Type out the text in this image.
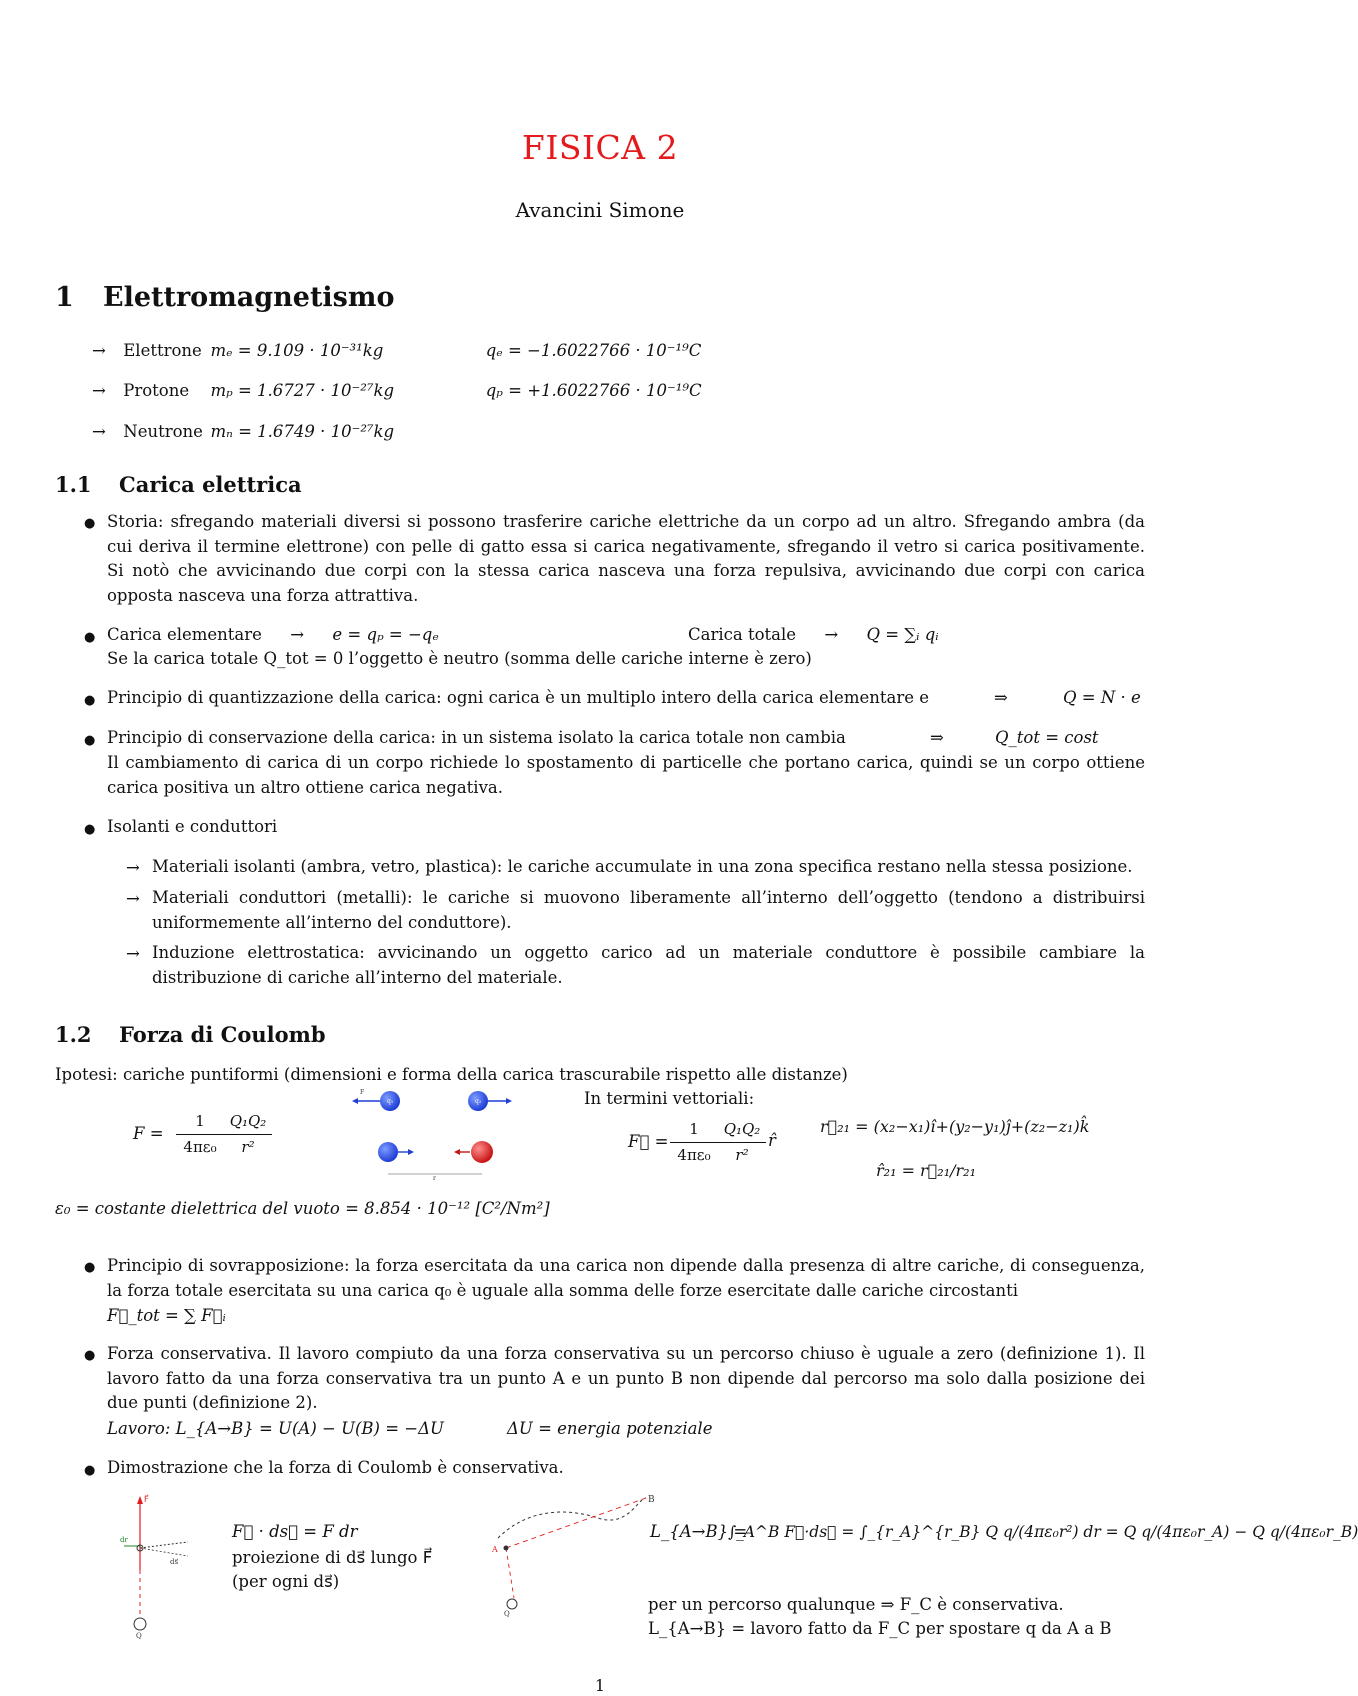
FISICA 2
Avancini Simone
1 Elettromagnetismo
→ Elettrone mₑ = 9.109 · 10⁻³¹kg	qₑ = −1.6022766 · 10⁻¹⁹C
→ Protone mₚ = 1.6727 · 10⁻²⁷kg	qₚ = +1.6022766 · 10⁻¹⁹C
→ Neutrone mₙ = 1.6749 · 10⁻²⁷kg
1.1 Carica elettrica
● Storia: sfregando materiali diversi si possono trasferire cariche elettriche da un corpo ad un altro. Sfregando ambra (da cui deriva il termine elettrone) con pelle di gatto essa si carica negativamente, sfregando il vetro si carica positivamente. Si notò che avvicinando due corpi con la stessa carica nasceva una forza repulsiva, avvicinando due corpi con carica opposta nasceva una forza attrattiva.
● Carica elementare → e = qₚ = −qₑ	Carica totale → Q = ∑ᵢ qᵢ
Se la carica totale Q_tot = 0 l’oggetto è neutro (somma delle cariche interne è zero)
● Principio di quantizzazione della carica: ogni carica è un multiplo intero della carica elementare e	⇒	Q = N · e
● Principio di conservazione della carica: in un sistema isolato la carica totale non cambia	⇒	Q_tot = cost
Il cambiamento di carica di un corpo richiede lo spostamento di particelle che portano carica, quindi se un corpo ottiene carica positiva un altro ottiene carica negativa.
● Isolanti e conduttori
→ Materiali isolanti (ambra, vetro, plastica): le cariche accumulate in una zona specifica restano nella stessa posizione.
→ Materiali conduttori (metalli): le cariche si muovono liberamente all’interno dell’oggetto (tendono a distribuirsi uniformemente all’interno del conduttore).
→ Induzione elettrostatica: avvicinando un oggetto carico ad un materiale conduttore è possibile cambiare la distribuzione di cariche all’interno del materiale.
1.2 Forza di Coulomb
Ipotesi: cariche puntiformi (dimensioni e forma della carica trascurabile rispetto alle distanze)
In termini vettoriali:
F =
1
4πε₀
Q₁Q₂
r²
F
q₁	q₂
r
F⃗ =
1
4πε₀
Q₁Q₂
r²
r̂
r⃗₂₁ = (x₂−x₁)î+(y₂−y₁)ĵ+(z₂−z₁)k̂
r̂₂₁ = r⃗₂₁/r₂₁
ε₀ = costante dielettrica del vuoto = 8.854 · 10⁻¹² [C²/Nm²]
● Principio di sovrapposizione: la forza esercitata da una carica non dipende dalla presenza di altre cariche, di conseguenza, la forza totale esercitata su una carica q₀ è uguale alla somma delle forze esercitate dalle cariche circostanti
F⃗_tot = ∑ F⃗ᵢ
● Forza conservativa. Il lavoro compiuto da una forza conservativa su un percorso chiuso è uguale a zero (definizione 1). Il lavoro fatto da una forza conservativa tra un punto A e un punto B non dipende dal percorso ma solo dalla posizione dei due punti (definizione 2).
Lavoro: L_{A→B} = U(A) − U(B) = −ΔU	ΔU = energia potenziale
● Dimostrazione che la forza di Coulomb è conservativa.
F⃗
dr
ds⃗
Q
F⃗ · ds⃗ = F dr
proiezione di ds⃗ lungo F⃗
(per ogni ds⃗)
B
A
Q
L_{A→B} =
∫_A^B F⃗·ds⃗ = ∫_{r_A}^{r_B} Q q/(4πε₀r²) dr = Q q/(4πε₀r_A) − Q q/(4πε₀r_B)
per un percorso qualunque ⇒ F_C è conservativa.
L_{A→B} = lavoro fatto da F_C per spostare q da A a B
1
